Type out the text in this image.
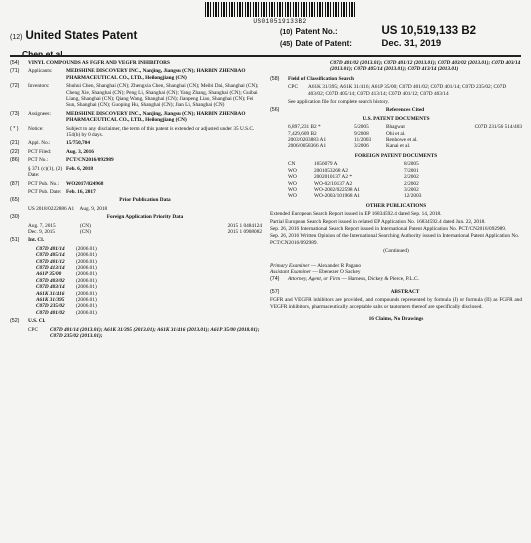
US010519133B2
(12) United States Patent
Chen et al.
(10) Patent No.:	US 10,519,133 B2
(45) Date of Patent:	Dec. 31, 2019
(54)	VINYL COMPOUNDS AS FGFR AND VEGFR INHIBITORS
(71)	Applicants:	MEDSHINE DISCOVERY INC., Nanjing, Jiangsu (CN); HARBIN ZHENBAO PHARMACEUTICAL CO., LTD., Heilongjiang (CN)
(72)	Inventors:	Shuhui Chen, Shanghai (CN); Zhengxia Chen, Shanghai (CN); Meibi Dai, Shanghai (CN); Cheng Xie, Shanghai (CN); Peng Li, Shanghai (CN); Yang Zhang, Shanghai (CN); Guibai Liang, Shanghai (CN); Qiang Wang, Shanghai (CN); Jianpeng Liao, Shanghai (CN); Fei Sun, Shanghai (CN); Guoping Hu, Shanghai (CN); Jian Li, Shanghai (CN)
(73)	Assignees:	MEDSHINE DISCOVERY INC., Nanjing, Jiangsu (CN); HARBIN ZHENBAO PHARMACEUTICAL CO., LTD., Heilongjiang (CN)
( * )	Notice:	Subject to any disclaimer, the term of this patent is extended or adjusted under 35 U.S.C. 154(b) by 0 days.
(21)	Appl. No.:	15/750,704
(22)	PCT Filed:	Aug. 3, 2016
(86)	PCT No.:	PCT/CN2016/092989
§ 371 (c)(1), (2) Date:
Feb. 6, 2018
(87)	PCT Pub. No.:	WO2017/024968
PCT Pub. Date: Feb. 16, 2017
(65)	Prior Publication Data
US 2018/0222886 A1 Aug. 9, 2018
(30)	Foreign Application Priority Data
Aug. 7, 2015	(CN)	2015 1 0484124
Dec. 9, 2015	(CN)	2015 1 0908082
(51)	Int. Cl.
C07D 401/14	(2006.01)
C07D 405/14	(2006.01)
C07D 401/12	(2006.01)
C07D 413/14	(2006.01)
A61P 35/00	(2006.01)
C07D 403/02	(2006.01)
C07D 403/14	(2006.01)
A61K 31/416	(2006.01)
A61K 31/395	(2006.01)
C07D 235/02	(2006.01)
C07D 401/02	(2006.01)
(52)	U.S. Cl.
CPC	C07D 401/14 (2013.01); A61K 31/395 (2013.01); A61K 31/416 (2013.01); A61P 35/00 (2018.01); C07D 235/02 (2013.01);
C07D 401/02 (2013.01); C07D 401/12 (2013.01); C07D 403/02 (2013.01); C07D 403/14 (2013.01); C07D 405/14 (2013.01); C07D 413/14 (2013.01)
(58)	Field of Classification Search
CPC	A61K 31/395; A61K 31/416; A61P 35/00; C07D 401/02; C07D 401/14; C07D 235/02; C07D 403/02; C07D 405/14; C07D 413/14; C07D 401/12; C07D 403/14
See application file for complete search history.
(56)	References Cited
U.S. PATENT DOCUMENTS
6,897,231 B2 *	5/2005	Bhagwat	C07D 231/56 514/403
7,429,609 B2	9/2008	Ohi et al.
2003/0203883 A1	11/2003	Renhowe et al.
2006/0058366 A1	3/2006	Kanai et al.
FOREIGN PATENT DOCUMENTS
CN	1656079 A	8/2005
WO	2001053268 A2	7/2001
WO	2002010137 A2 *	2/2002
WO	WO-02/10137 A2	2/2002
WO	WO-2002/022598 A1	3/2002
WO	WO-2003/101968 A1	12/2003
OTHER PUBLICATIONS
Extended European Search Report issued in EP 16834592.4 dated Sep. 14, 2018.
Partial European Search Report issued in related EP Application No. 16834592.4 dated Jun. 22, 2018.
Sep. 26, 2016 International Search Report issued in International Patent Application No. PCT/CN2016/092989.
Sep. 26, 2016 Written Opinion of the International Searching Authority issued in International Patent Application No. PCT/CN2016/092989.
(Continued)
Primary Examiner — Alexander R Pagano
Assistant Examiner — Ebenezer O Sackey
(74)	Attorney, Agent, or Firm — Harness, Dickey & Pierce, P.L.C.
(57)	ABSTRACT
FGFR and VEGFR inhibitors are provided, and compounds represented by formula (I) or formula (II) as FGFR and VEGFR inhibitors, pharmaceutically acceptable salts or tautomers thereof are specifically disclosed.
16 Claims, No Drawings
